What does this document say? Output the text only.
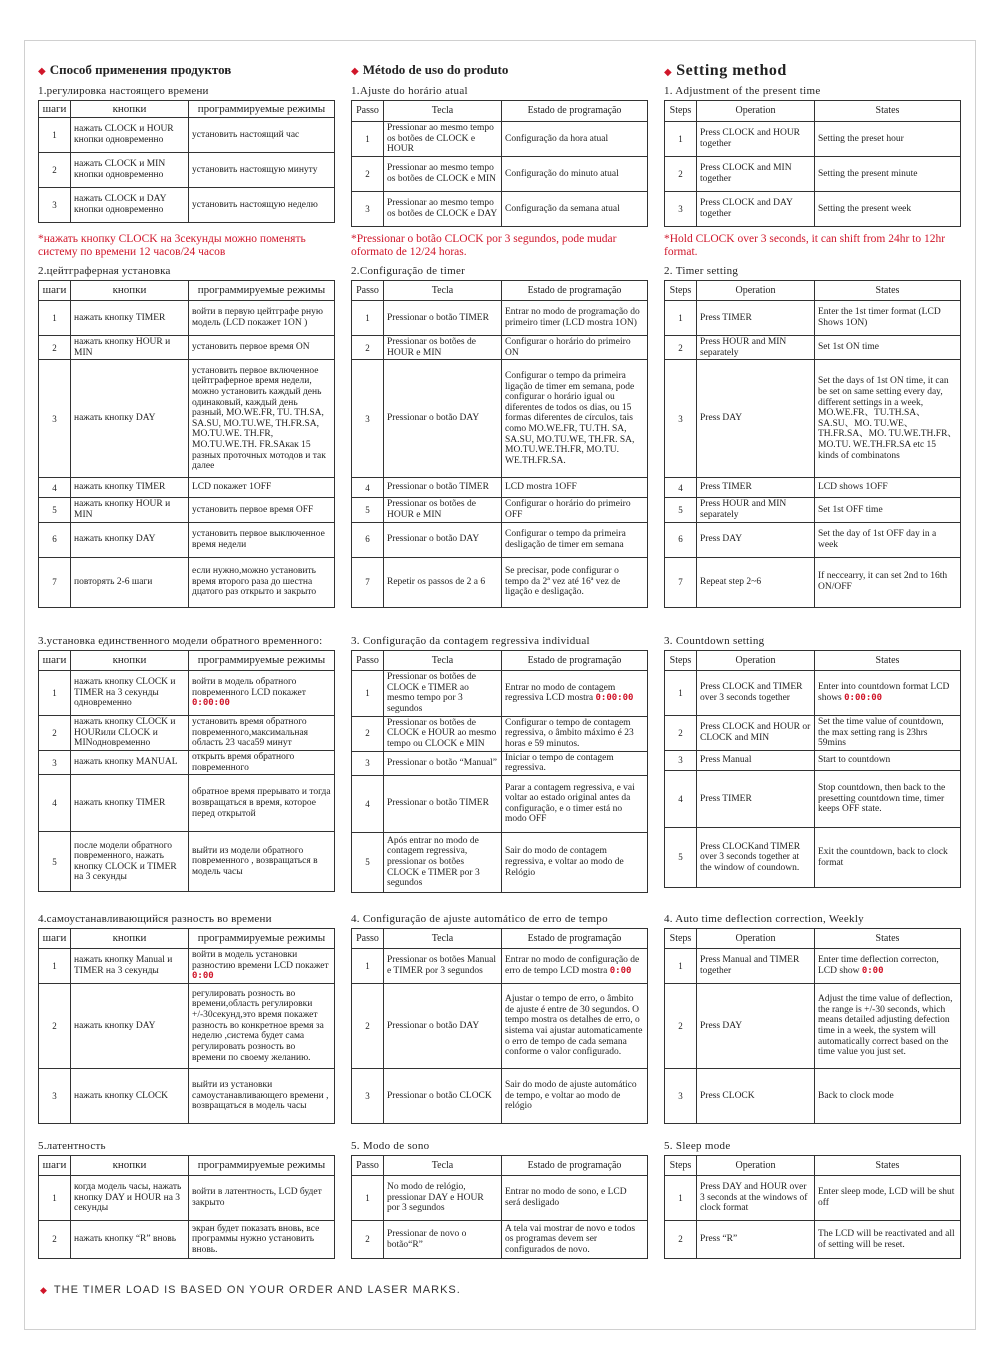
◆ Способ применения продуктов
1.регулировка настоящего времени
шаги	кнопки	программируемые режимы
1	нажать CLOCK и HOUR кнопки одновременно	установить настоящий час
2	нажать CLOCK и MIN кнопки одновременно	установить настоящую минуту
3	нажать CLOCK и DAY кнопки одновременно	установить настоящую неделю
2.цейтграферная установка
шаги	кнопки	программируемые режимы
1	нажать кнопку TIMER	войти в первую цейтграфе рную модель (LCD покажет 1ON )
2	нажать кнопку HOUR и MIN	установить первое время ON
3	нажать кнопку DAY	установить первое включенное цейтграферное время недели, можно установить каждый день одинаковый, каждый день разный, MO.WE.FR, TU. TH.SA, SA.SU, MO.TU.WE, TH.FR.SA, MO.TU.WE. TH.FR, MO.TU.WE.TH. FR.SAкак 15 разных проточных мотодов и так далее
4	нажать кнопку TIMER	LCD покажет 1OFF
5	нажать кнопку HOUR и MIN	установить первое время OFF
6	нажать кнопку DAY	установить первое выключенное время недели
7	повторять 2-6 шаги	если нужно,можно установить время второго раза до шестна дцатого раз открыто и закрыто
3.установка единственного модели обратного временного:
шаги	кнопки	программируемые режимы
1	нажать кнопку CLOCK и TIMER на 3 секунды одновременно	войти в модель обратного повременного LCD покажет 0:00:00
2	нажать кнопку CLOCK и HOURили CLOCK и MINодновременно	установить время обратного повременного,максимальная область 23 часа59 минут
3	нажать кнопку MANUAL	открыть время обратного повременного
4	нажать кнопку TIMER	обратное время прерывато и тогда возвращаться в время, которое перед открытой
5	после модели обратного повременного, нажать кнопку CLOCK и TIMER на 3 секунды	выйти из модели обратного повременного , возвращаться в модель часы
4.самоустанавливающийся разность во времени
шаги	кнопки	программируемые режимы
1	нажать кнопку Manual и TIMER на 3 секунды	войти в модель установки разностию времени LCD покажет 0:00
2	нажать кнопку DAY	регулировать розность во времени,область регулировки +/-30секунд,это время покажет разность во конкретное время за неделю ,система будет сама регулировать розность во времени по своему желанию.
3	нажать кнопку CLOCK	выйти из установки самоустанавливающего времени , возвращаться в модель часы
5.латентность
шаги	кнопки	программируемые режимы
1	когда модель часы, нажать кнопку DAY и HOUR на 3 секунды	войти в латентность, LCD будет закрыто
2	нажать кнопку “R” вновь	экран будет показать вновь, все программы нужно установить вновь.
◆ Método de uso do produto
1.Ajuste do horário atual
Passo	Tecla	Estado de programação
1	Pressionar ao mesmo tempo os botões de CLOCK e HOUR	Configuração da hora atual
2	Pressionar ao mesmo tempo os botões de CLOCK e MIN	Configuração do minuto atual
3	Pressionar ao mesmo tempo os botões de CLOCK e DAY	Configuração da semana atual
2.Configuração de timer
Passo	Tecla	Estado de programação
1	Pressionar o botão TIMER	Entrar no modo de programação do primeiro timer (LCD mostra 1ON)
2	Pressionar os botões de HOUR e MIN	Configurar o horário do primeiro ON
3	Pressionar o botão DAY	Configurar o tempo da primeira ligação de timer em semana, pode configurar o horário igual ou diferentes de todos os dias, ou 15 formas diferentes de círculos, tais como MO.WE.FR, TU.TH. SA, SA.SU, MO.TU.WE, TH.FR. SA, MO.TU.WE.TH.FR, MO.TU. WE.TH.FR.SA.
4	Pressionar o botão TIMER	LCD mostra 1OFF
5	Pressionar os botões de HOUR e MIN	Configurar o horário do primeiro OFF
6	Pressionar o botão DAY	Configurar o tempo da primeira desligação de timer em semana
7	Repetir os passos de 2 a 6	Se precisar, pode configurar o tempo da 2ª vez até 16ª vez de ligação e desligação.
3. Configuração da contagem regressiva individual
Passo	Tecla	Estado de programação
1	Pressionar os botões de CLOCK e TIMER ao mesmo tempo por 3 segundos	Entrar no modo de contagem regressiva LCD mostra 0:00:00
2	Pressionar os botões de CLOCK e HOUR ao mesmo tempo ou CLOCK e MIN	Configurar o tempo de contagem regressiva, o âmbito máximo é 23 horas e 59 minutos.
3	Pressionar o botão “Manual”	Iniciar o tempo de contagem regressiva.
4	Pressionar o botão TIMER	Parar a contagem regressiva, e vai voltar ao estado original antes da configuração, e o timer está no modo OFF
5	Após entrar no modo de contagem regressiva, pressionar os botões CLOCK e TIMER por 3 segundos	Sair do modo de contagem regressiva, e voltar ao modo de Relógio
4. Configuração de ajuste automático de erro de tempo
Passo	Tecla	Estado de programação
1	Pressionar os botões Manual e TIMER por 3 segundos	Entrar no modo de configuração de erro de tempo LCD mostra 0:00
2	Pressionar o botão DAY	Ajustar o tempo de erro, o âmbito de ajuste é entre de 30 segundos. O tempo mostra os detalhes de erro, o sistema vai ajustar automaticamente o erro de tempo de cada semana conforme o valor configurado.
3	Pressionar o botão CLOCK	Sair do modo de ajuste automático de tempo, e voltar ao modo de relógio
5. Modo de sono
Passo	Tecla	Estado de programação
1	No modo de relógio, pressionar DAY e HOUR por 3 segundos	Entrar no modo de sono, e LCD será desligado
2	Pressionar de novo o botão“R”	A tela vai mostrar de novo e todos os programas devem ser configurados de novo.
◆ Setting method
1. Adjustment of the present time
Steps	Operation	States
1	Press CLOCK and HOUR together	Setting the preset hour
2	Press CLOCK and MIN together	Setting the present minute
3	Press CLOCK and DAY together	Setting the present week
2. Timer setting
Steps	Operation	States
1	Press TIMER	Enter the 1st timer format (LCD Shows 1ON)
2	Press HOUR and MIN separately	Set 1st ON time
3	Press DAY	Set the days of 1st ON time, it can be set on same setting every day, different settings in a week, MO.WE.FR、TU.TH.SA、SA.SU、MO. TU.WE、TH.FR.SA、MO. TU.WE.TH.FR、MO.TU. WE.TH.FR.SA etc 15 kinds of combinatons
4	Press TIMER	LCD shows 1OFF
5	Press HOUR and MIN separately	Set 1st OFF time
6	Press DAY	Set the day of 1st OFF day in a week
7	Repeat step 2~6	If neccearry, it can set 2nd to 16th ON/OFF
3. Countdown setting
Steps	Operation	States
1	Press CLOCK and TIMER over 3 seconds together	Enter into countdown format LCD shows 0:00:00
2	Press CLOCK and HOUR or CLOCK and MIN	Set the time value of countdown, the max setting rang is 23hrs 59mins
3	Press Manual	Start to countdown
4	Press TIMER	Stop countdown, then back to the presetting countdown time, timer keeps OFF state.
5	Press CLOCKand TIMER over 3 seconds together at the window of coundown.	Exit the countdown, back to clock format
4. Auto time deflection correction, Weekly
Steps	Operation	States
1	Press Manual and TIMER together	Enter time deflection correcton, LCD show 0:00
2	Press DAY	Adjust the time value of deflection, the range is +/-30 seconds, which means detailed adjusting defection time in a week, the system will automatically correct based on the time value you just set.
3	Press CLOCK	Back to clock mode
5. Sleep mode
Steps	Operation	States
1	Press DAY and HOUR over 3 seconds at the windows of clock format	Enter sleep mode, LCD will be shut off
2	Press “R”	The LCD will be reactivated and all of setting will be reset.
*нажать кнопку CLOCK на 3секунды можно поменять систему по времени 12 часов/24 часов
*Pressionar o botão CLOCK por 3 segundos, pode mudar oformato de 12/24 horas.
*Hold CLOCK over 3 seconds, it can shift from 24hr to 12hr format.
◆ THE TIMER LOAD IS BASED ON YOUR ORDER AND LASER MARKS.
